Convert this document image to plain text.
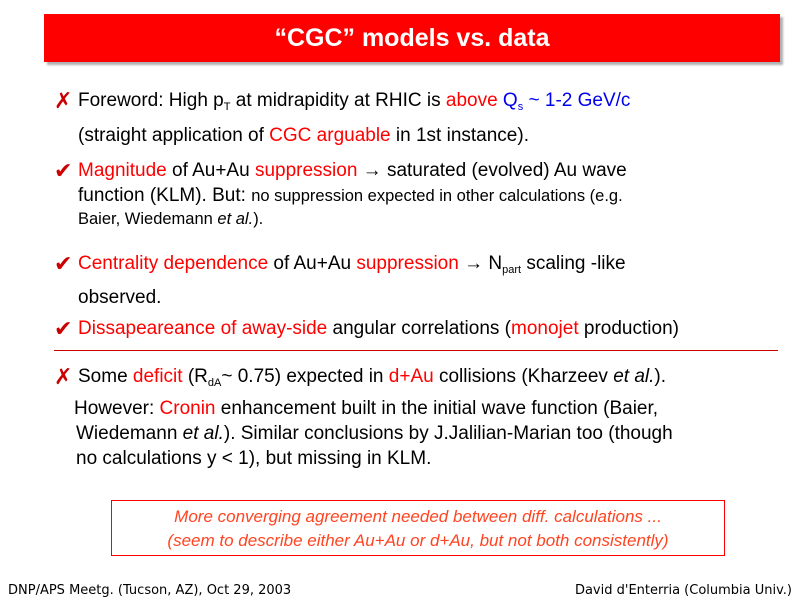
“CGC” models vs. data
✗ Foreword: High $p_T$ at midrapidity at RHIC is above $Q_s$ ~ 1-2 GeV/c
(straight application of CGC arguable in 1st instance).
✔ Magnitude of Au+Au suppression → saturated (evolved) Au wave
function (KLM). But: no suppression expected in other calculations (e.g.
Baier, Wiedemann et al.).
✔ Centrality dependence of Au+Au suppression → $N_{part}$ scaling -like
observed.
✔ Dissapeareance of away-side angular correlations (monojet production)
✗ Some deficit ($R_{dA}\sim$ 0.75) expected in d+Au collisions (Kharzeev et al.).
However: Cronin enhancement built in the initial wave function (Baier,
Wiedemann et al.). Similar conclusions by J.Jalilian-Marian too (though
no calculations y < 1), but missing in KLM.
More converging agreement needed between diff. calculations ...
(seem to describe either Au+Au or d+Au, but not both consistently)
DNP/APS Meetg. (Tucson, AZ), Oct 29, 2003	David d'Enterria (Columbia Univ.)
